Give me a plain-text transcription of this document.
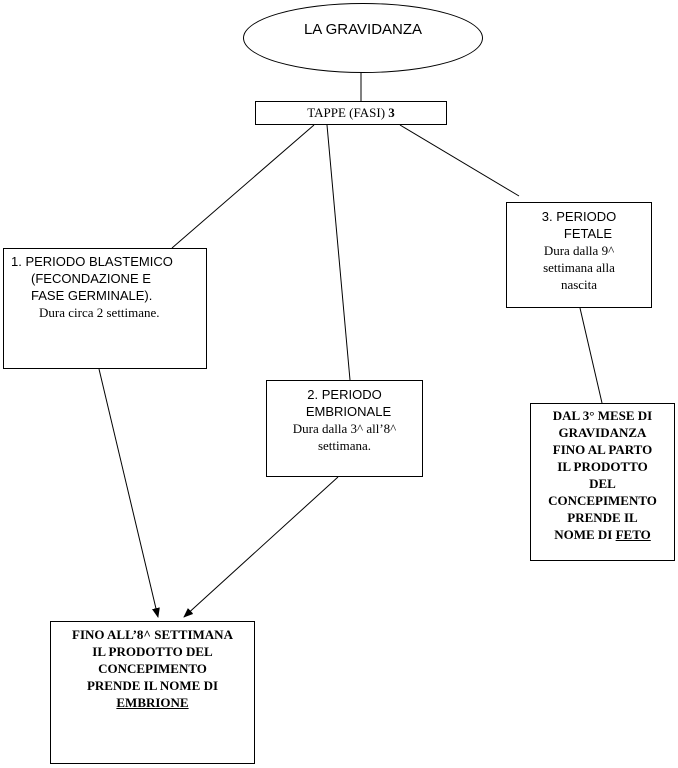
LA GRAVIDANZA
TAPPE (FASI) 3
1. PERIODO BLASTEMICO
(FECONDAZIONE E
FASE GERMINALE).
Dura circa 2 settimane.
2. PERIODO
EMBRIONALE
Dura dalla 3^ all’8^
settimana.
3. PERIODO
FETALE
Dura dalla 9^
settimana alla
nascita
DAL 3° MESE DI
GRAVIDANZA
FINO AL PARTO
IL PRODOTTO
DEL
CONCEPIMENTO
PRENDE IL
NOME DI FETO
FINO ALL’8^ SETTIMANA
IL PRODOTTO DEL
CONCEPIMENTO
PRENDE IL NOME DI
EMBRIONE
